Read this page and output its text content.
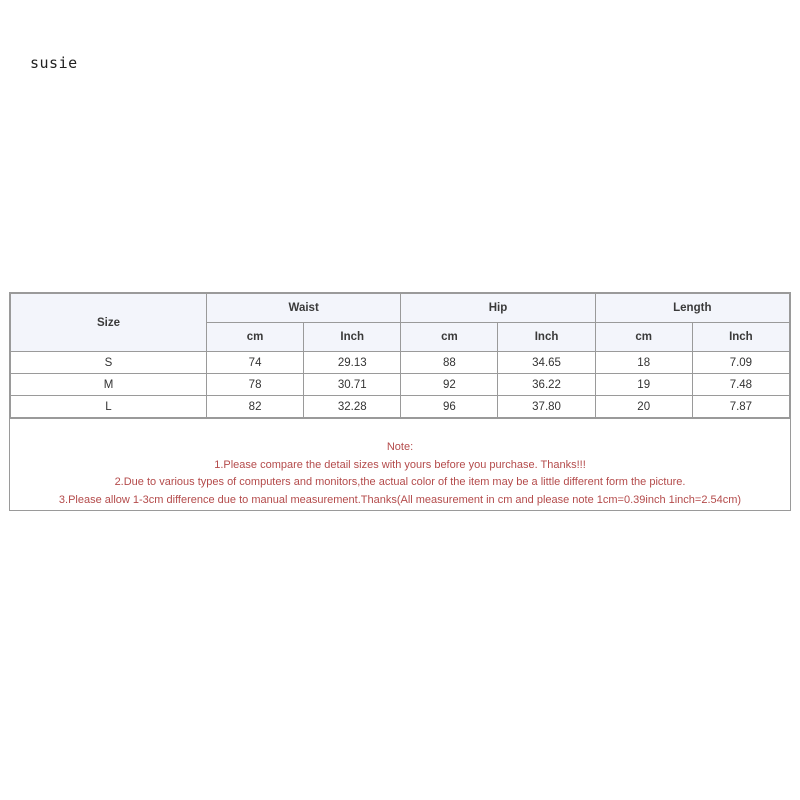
susie
Size	Waist		Hip		Length	
	cm	Inch	cm	Inch	cm	Inch
S	74	29.13	88	34.65	18	7.09
M	78	30.71	92	36.22	19	7.48
L	82	32.28	96	37.80	20	7.87
Note:
1.Please compare the detail sizes with yours before you purchase. Thanks!!!
2.Due to various types of computers and monitors,the actual color of the item may be a little different form the picture.
3.Please allow 1-3cm difference due to manual measurement.Thanks(All measurement in cm and please note 1cm=0.39inch 1inch=2.54cm)
